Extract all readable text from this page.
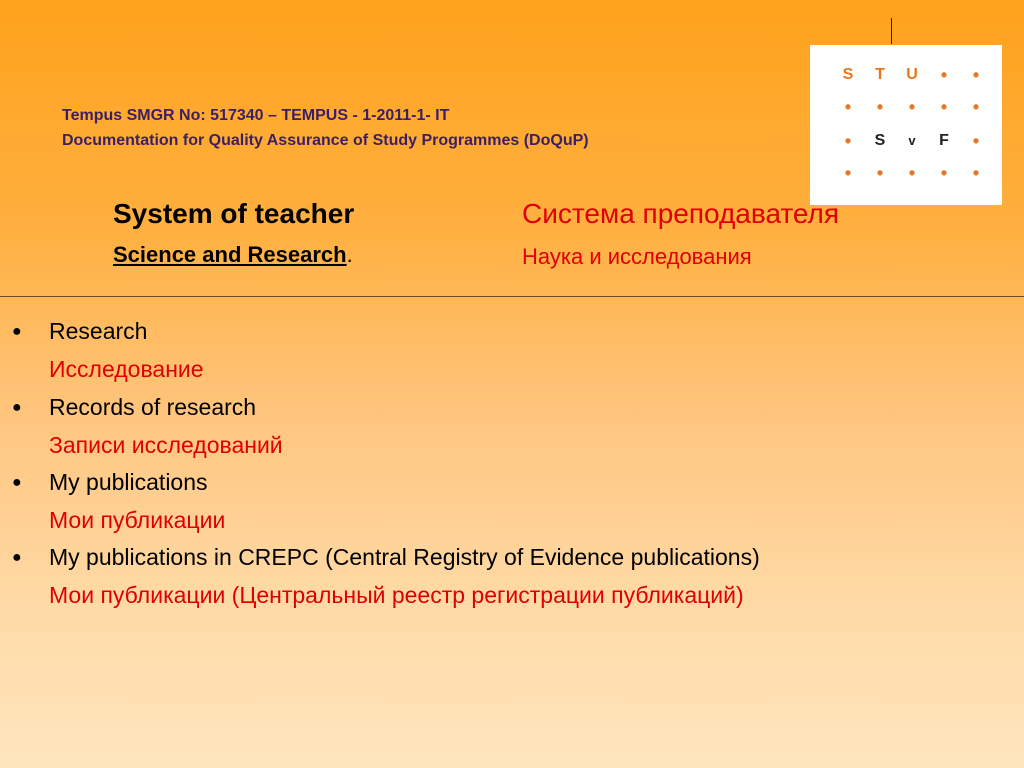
Tempus SMGR No: 517340 – TEMPUS - 1-2011-1- IT
Documentation for Quality Assurance of Study Programmes (DoQuP)
S	T	U	•	•
•	•	•	•	•
•	S	v	F	•
•	•	•	•	•
System of teacher	Система преподавателя
Science and Research.	Наука и исследования
● Research
Исследование
● Records of research
Записи исследований
● My publications
Мои публикации
● My publications in CREPC (Central Registry of Evidence publications)
Мои публикации (Центральный реестр регистрации публикаций)
